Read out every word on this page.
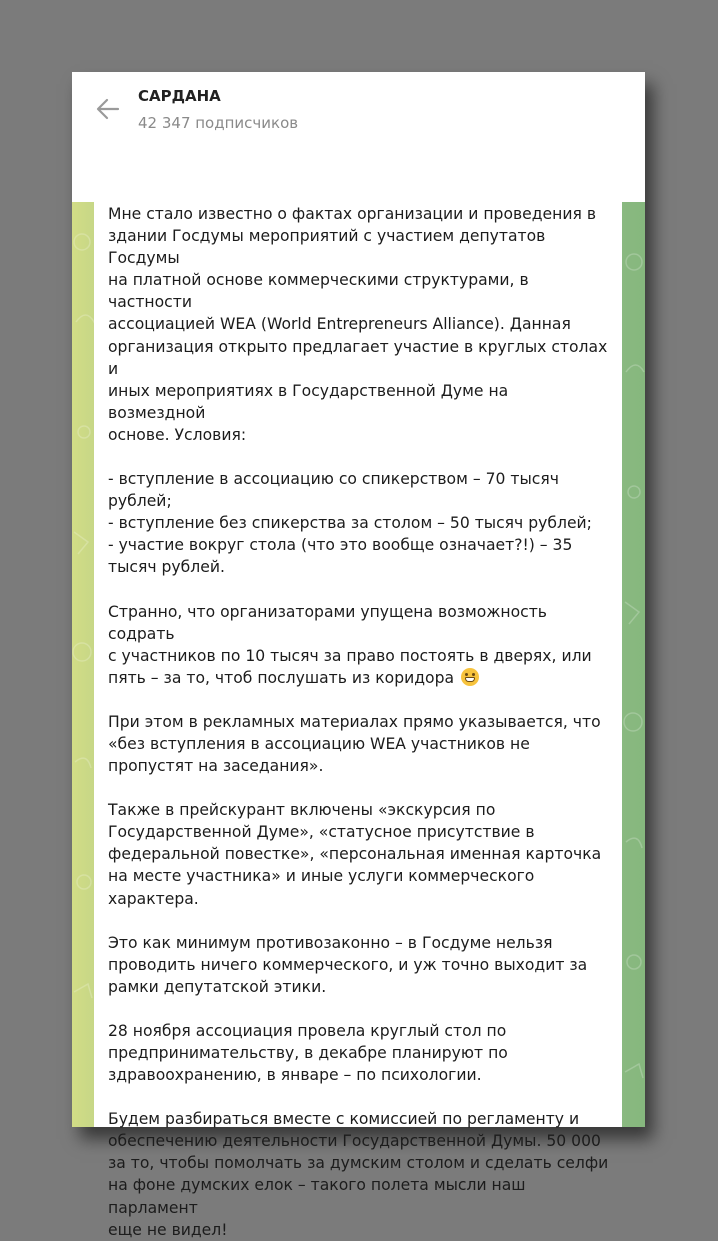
САРДАНА
42 347 подписчиков

Мне стало известно о фактах организации и проведения в
здании Госдумы мероприятий с участием депутатов Госдумы
на платной основе коммерческими структурами, в частности
ассоциацией WEA (World Entrepreneurs Alliance). Данная
организация открыто предлагает участие в круглых столах и
иных мероприятиях в Государственной Думе на возмездной
основе. Условия:

- вступление в ассоциацию со спикерством – 70 тысяч
рублей;
- вступление без спикерства за столом – 50 тысяч рублей;
- участие вокруг стола (что это вообще означает?!) – 35
тысяч рублей.

Странно, что организаторами упущена возможность содрать
с участников по 10 тысяч за право постоять в дверях, или
пять – за то, чтоб послушать из коридора

При этом в рекламных материалах прямо указывается, что
«без вступления в ассоциацию WEA участников не
пропустят на заседания».

Также в прейскурант включены «экскурсия по
Государственной Думе», «статусное присутствие в
федеральной повестке», «персональная именная карточка
на месте участника» и иные услуги коммерческого
характера.

Это как минимум противозаконно – в Госдуме нельзя
проводить ничего коммерческого, и уж точно выходит за
рамки депутатской этики.

28 ноября ассоциация провела круглый стол по
предпринимательству, в декабре планируют по
здравоохранению, в январе – по психологии.

Будем разбираться вместе с комиссией по регламенту и
обеспечению деятельности Государственной Думы. 50 000
за то, чтобы помолчать за думским столом и сделать селфи
на фоне думских елок – такого полета мысли наш парламент
еще не видел!
